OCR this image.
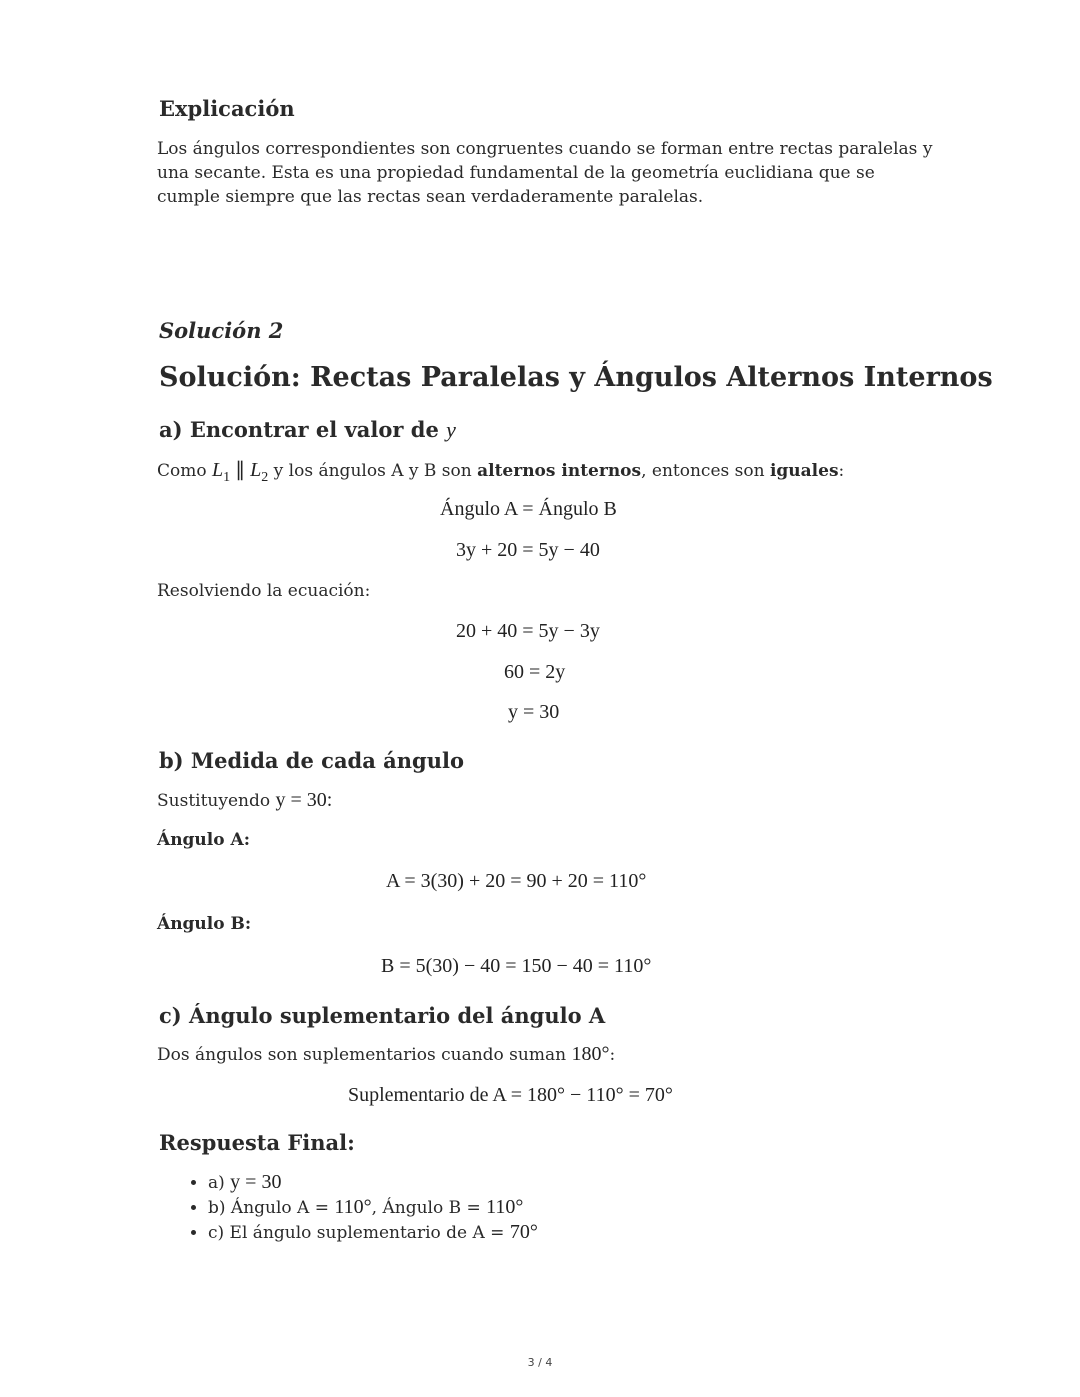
Explicación
Los ángulos correspondientes son congruentes cuando se forman entre rectas paralelas y una secante. Esta es una propiedad fundamental de la geometría euclidiana que se cumple siempre que las rectas sean verdaderamente paralelas.
Solución 2
Solución: Rectas Paralelas y Ángulos Alternos Internos
a) Encontrar el valor de y
Como $L_1$ ∥ $L_2$ y los ángulos A y B son alternos internos, entonces son iguales:
Ángulo A = Ángulo B
3y + 20 = 5y − 40
Resolviendo la ecuación:
20 + 40 = 5y − 3y
60 = 2y
y = 30
b) Medida de cada ángulo
Sustituyendo y = 30:
Ángulo A:
A = 3(30) + 20 = 90 + 20 = 110°
Ángulo B:
B = 5(30) − 40 = 150 − 40 = 110°
c) Ángulo suplementario del ángulo A
Dos ángulos son suplementarios cuando suman 180°:
Suplementario de A = 180° − 110° = 70°
Respuesta Final:
• a) y = 30
• b) Ángulo A = 110°, Ángulo B = 110°
• c) El ángulo suplementario de A = 70°
3 / 4
